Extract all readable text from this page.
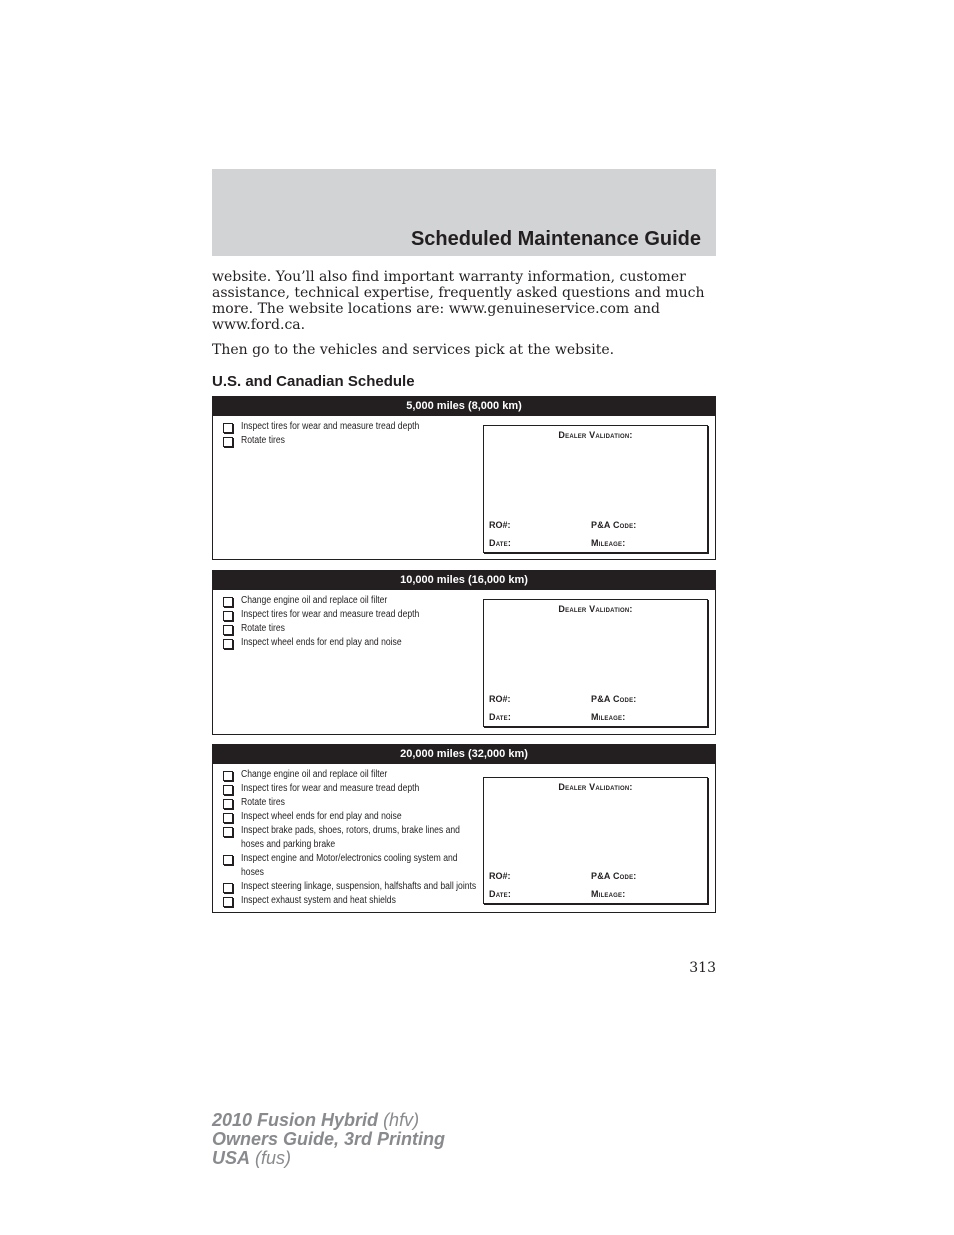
Scheduled Maintenance Guide
website. You’ll also find important warranty information, customer assistance, technical expertise, frequently asked questions and much more. The website locations are: www.genuineservice.com and www.ford.ca.
Then go to the vehicles and services pick at the website.
U.S. and Canadian Schedule
5,000 miles (8,000 km)
Inspect tires for wear and measure tread depth
Rotate tires	Dealer Validation:
RO#:	P&A Code:
Date:	Mileage:
10,000 miles (16,000 km)
Change engine oil and replace oil filter
Inspect tires for wear and measure tread depth
Rotate tires
Inspect wheel ends for end play and noise
Dealer Validation:
RO#:	P&A Code:
Date:	Mileage:
20,000 miles (32,000 km)
Change engine oil and replace oil filter
Inspect tires for wear and measure tread depth
Rotate tires
Inspect wheel ends for end play and noise
Inspect brake pads, shoes, rotors, drums, brake lines and hoses and parking brake
Inspect engine and Motor/electronics cooling system and hoses
Inspect steering linkage, suspension, halfshafts and ball joints
Inspect exhaust system and heat shields
Dealer Validation:
RO#:	P&A Code:
Date:	Mileage:
313
2010 Fusion Hybrid (hfv)
Owners Guide, 3rd Printing
USA (fus)
